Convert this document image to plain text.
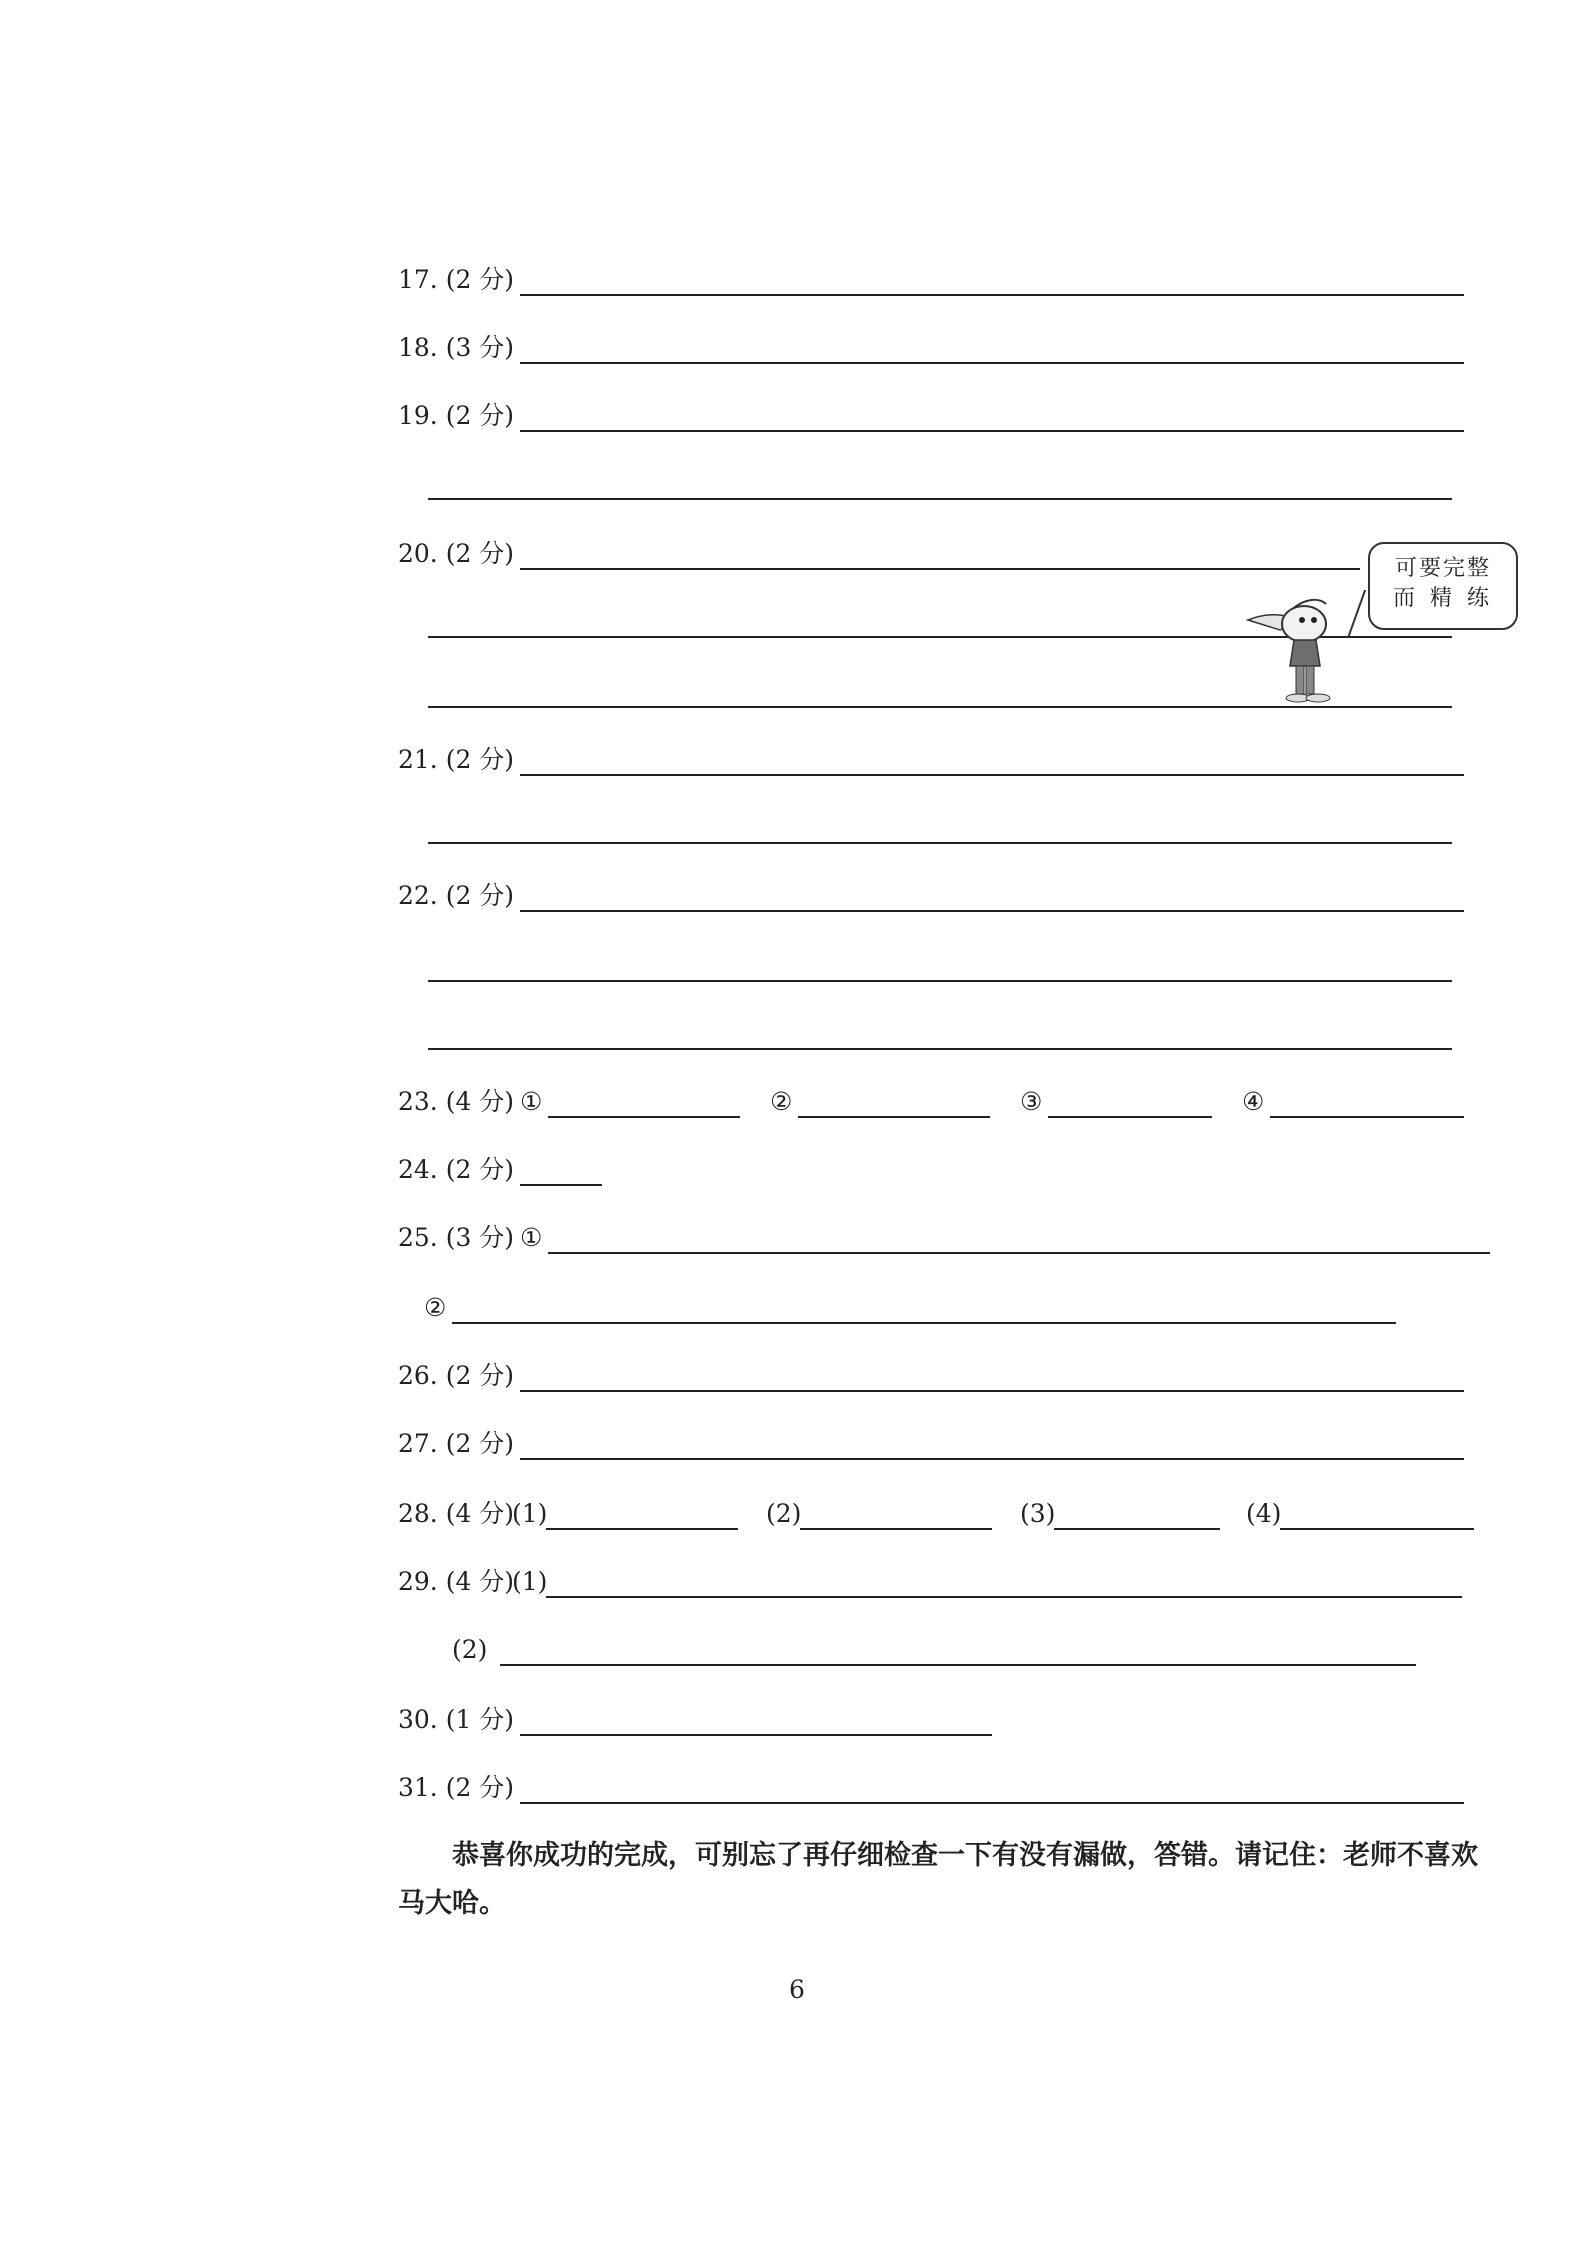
17. (2 分)
18. (3 分)
19. (2 分)
20. (2 分)
可要完整
而 精 练
21. (2 分)
22. (2 分)
23. (4 分) ①	②	③	④
24. (2 分)
25. (3 分) ①
②
26. (2 分)
27. (2 分)
28. (4 分)
(1)	(2)	(3)	(4)
29. (4 分)
(1)
(2)
30. (1 分)
31. (2 分)
恭喜你成功的完成，可别忘了再仔细检查一下有没有漏做，答错。请记住：老师不喜欢
马大哈。
6
